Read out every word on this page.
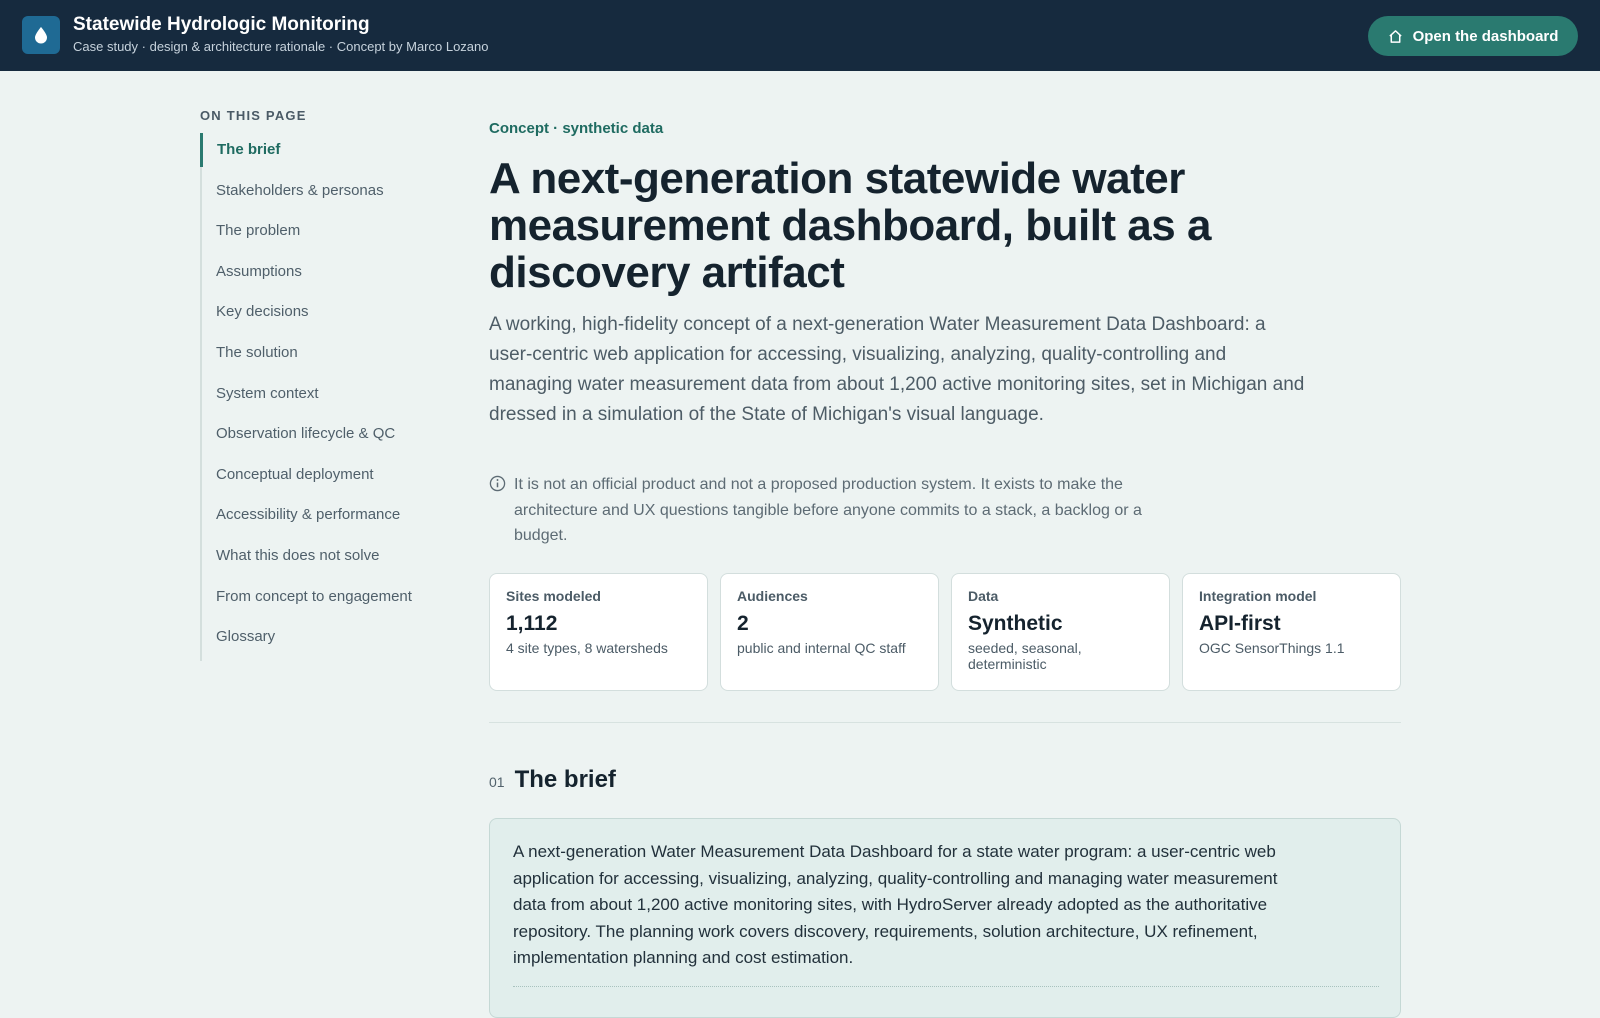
Statewide Hydrologic Monitoring
Case study · design & architecture rationale · Concept by Marco Lozano
Open the dashboard
ON THIS PAGE
The brief
Stakeholders & personas
The problem
Assumptions
Key decisions
The solution
System context
Observation lifecycle & QC
Conceptual deployment
Accessibility & performance
What this does not solve
From concept to engagement
Glossary
Concept · synthetic data
A next-generation statewide water measurement dashboard, built as a discovery artifact

A working, high-fidelity concept of a next-generation Water Measurement Data Dashboard: a user-centric web application for accessing, visualizing, analyzing, quality-controlling and managing water measurement data from about 1,200 active monitoring sites, set in Michigan and dressed in a simulation of the State of Michigan's visual language.

It is not an official product and not a proposed production system. It exists to make the architecture and UX questions tangible before anyone commits to a stack, a backlog or a budget.
Sites modeled
1,112
4 site types, 8 watersheds
Audiences
2
public and internal QC staff
Data
Synthetic
seeded, seasonal, deterministic
Integration model
API-first
OGC SensorThings 1.1
01 The brief

A next-generation Water Measurement Data Dashboard for a state water program: a user-centric web application for accessing, visualizing, analyzing, quality-controlling and managing water measurement data from about 1,200 active monitoring sites, with HydroServer already adopted as the authoritative repository. The planning work covers discovery, requirements, solution architecture, UX refinement, implementation planning and cost estimation.
